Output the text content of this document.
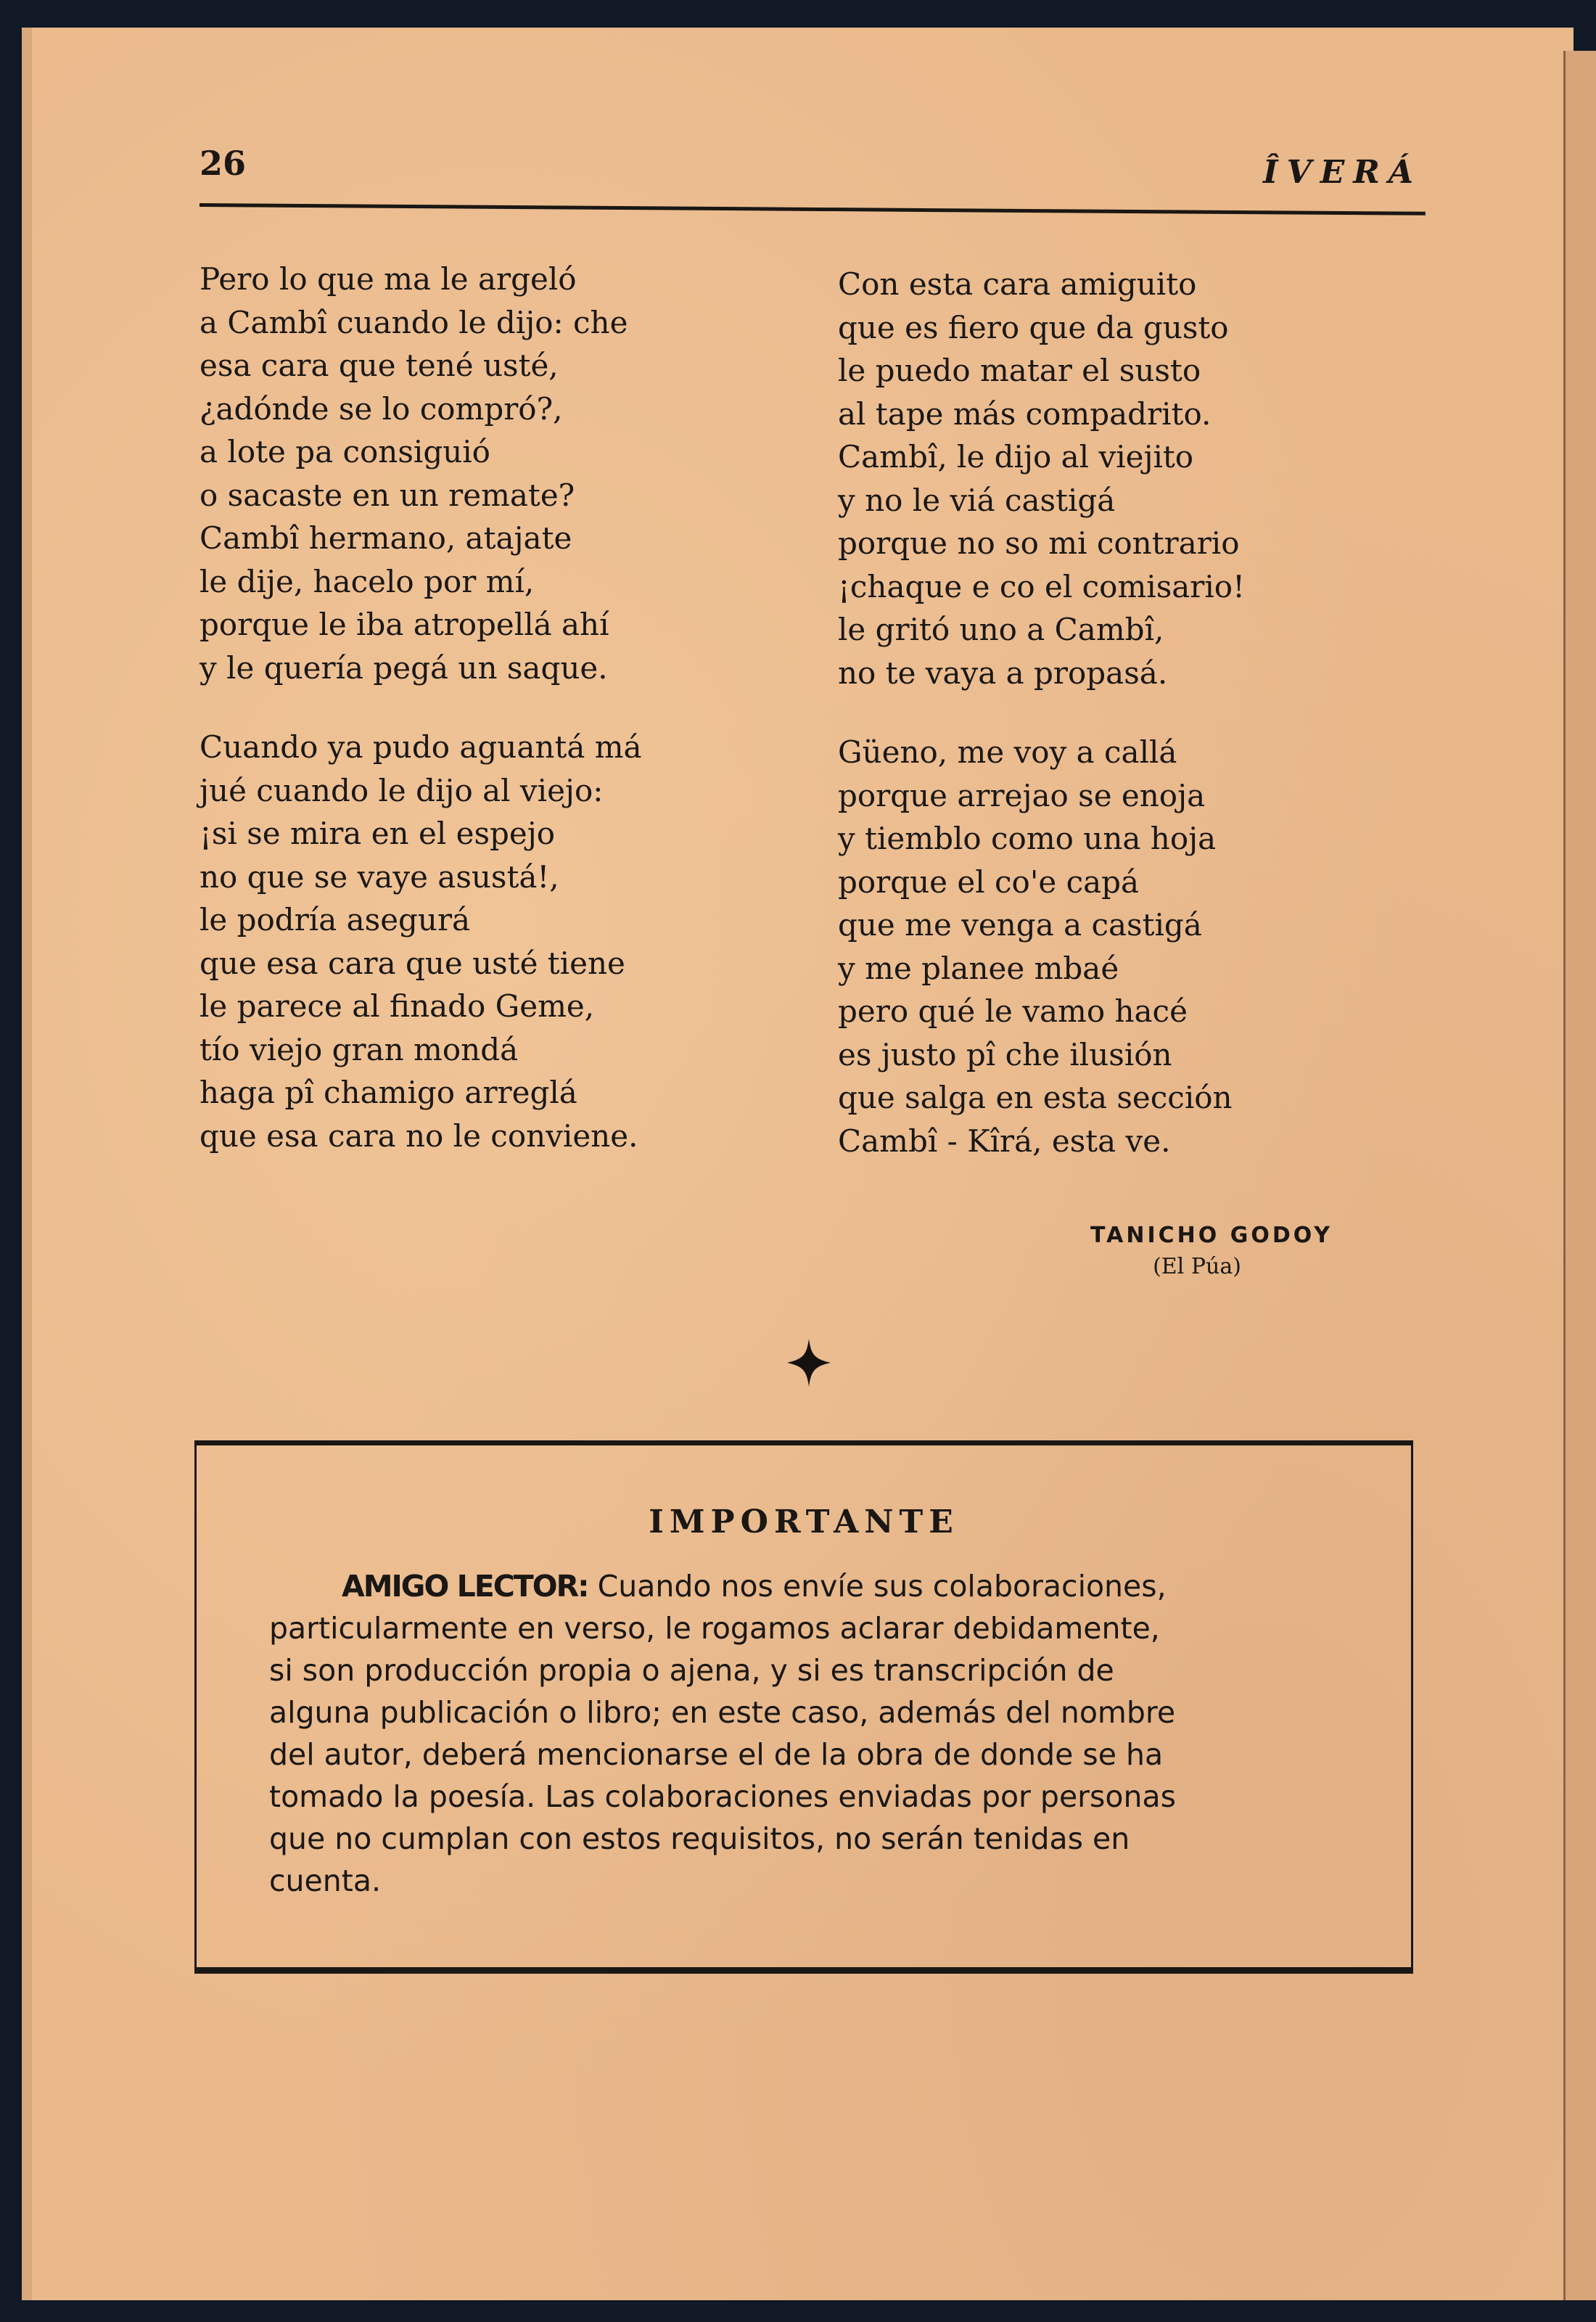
26	ÎVERÁ
Pero lo que ma le argeló
a Cambî cuando le dijo: che
esa cara que tené usté,
¿adónde se lo compró?,
a lote pa consiguió
o sacaste en un remate?
Cambî hermano, atajate
le dije, hacelo por mí,
porque le iba atropellá ahí
y le quería pegá un saque.
Cuando ya pudo aguantá má
jué cuando le dijo al viejo:
¡si se mira en el espejo
no que se vaye asustá!,
le podría asegurá
que esa cara que usté tiene
le parece al finado Geme,
tío viejo gran mondá
haga pî chamigo arreglá
que esa cara no le conviene.
Con esta cara amiguito
que es fiero que da gusto
le puedo matar el susto
al tape más compadrito.
Cambî, le dijo al viejito
y no le viá castigá
porque no so mi contrario
¡chaque e co el comisario!
le gritó uno a Cambî,
no te vaya a propasá.
Güeno, me voy a callá
porque arrejao se enoja
y tiemblo como una hoja
porque el co'e capá
que me venga a castigá
y me planee mbaé
pero qué le vamo hacé
es justo pî che ilusión
que salga en esta sección
Cambî - Kîrá, esta ve.
TANICHO GODOY
(El Púa)
IMPORTANTE
AMIGO LECTOR: Cuando nos envíe sus colaboraciones,
particularmente en verso, le rogamos aclarar debidamente,
si son producción propia o ajena, y si es transcripción de
alguna publicación o libro; en este caso, además del nombre
del autor, deberá mencionarse el de la obra de donde se ha
tomado la poesía. Las colaboraciones enviadas por personas
que no cumplan con estos requisitos, no serán tenidas en
cuenta.
